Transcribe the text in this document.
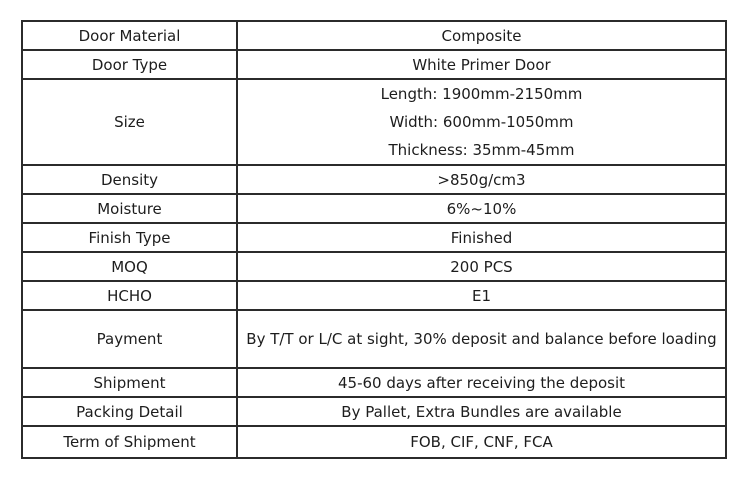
Door Material	Composite
Door Type	White Primer Door
Size	Length: 1900mm-2150mm
Width: 600mm-1050mm
Thickness: 35mm-45mm

Density	>850g/cm3
Moisture	6%~10%
Finish Type	Finished
MOQ	200 PCS
HCHO	E1
Payment	By T/T or L/C at sight, 30% deposit and balance before loading
Shipment	45-60 days after receiving the deposit
Packing Detail	By Pallet, Extra Bundles are available
Term of Shipment	FOB, CIF, CNF, FCA
